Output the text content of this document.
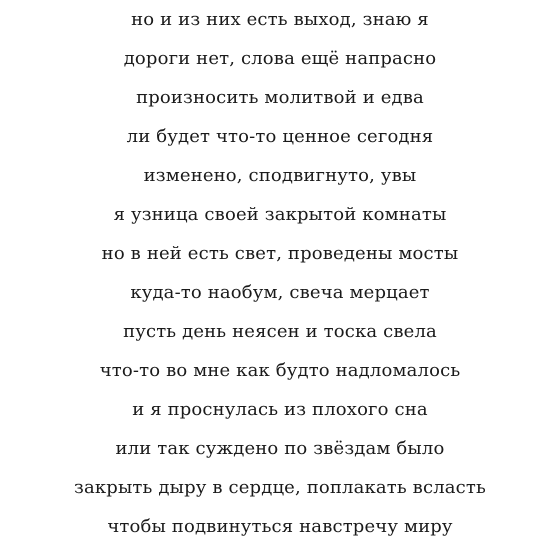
но и из них есть выход, знаю я
дороги нет, слова ещё напрасно
произносить молитвой и едва
ли будет что-то ценное сегодня
изменено, сподвигнуто, увы
я узница своей закрытой комнаты
но в ней есть свет, проведены мосты
куда-то наобум, свеча мерцает
пусть день неясен и тоска свела
что-то во мне как будто надломалось
и я проснулась из плохого сна
или так суждено по звёздам было
закрыть дыру в сердце, поплакать всласть
чтобы подвинуться навстречу миру
